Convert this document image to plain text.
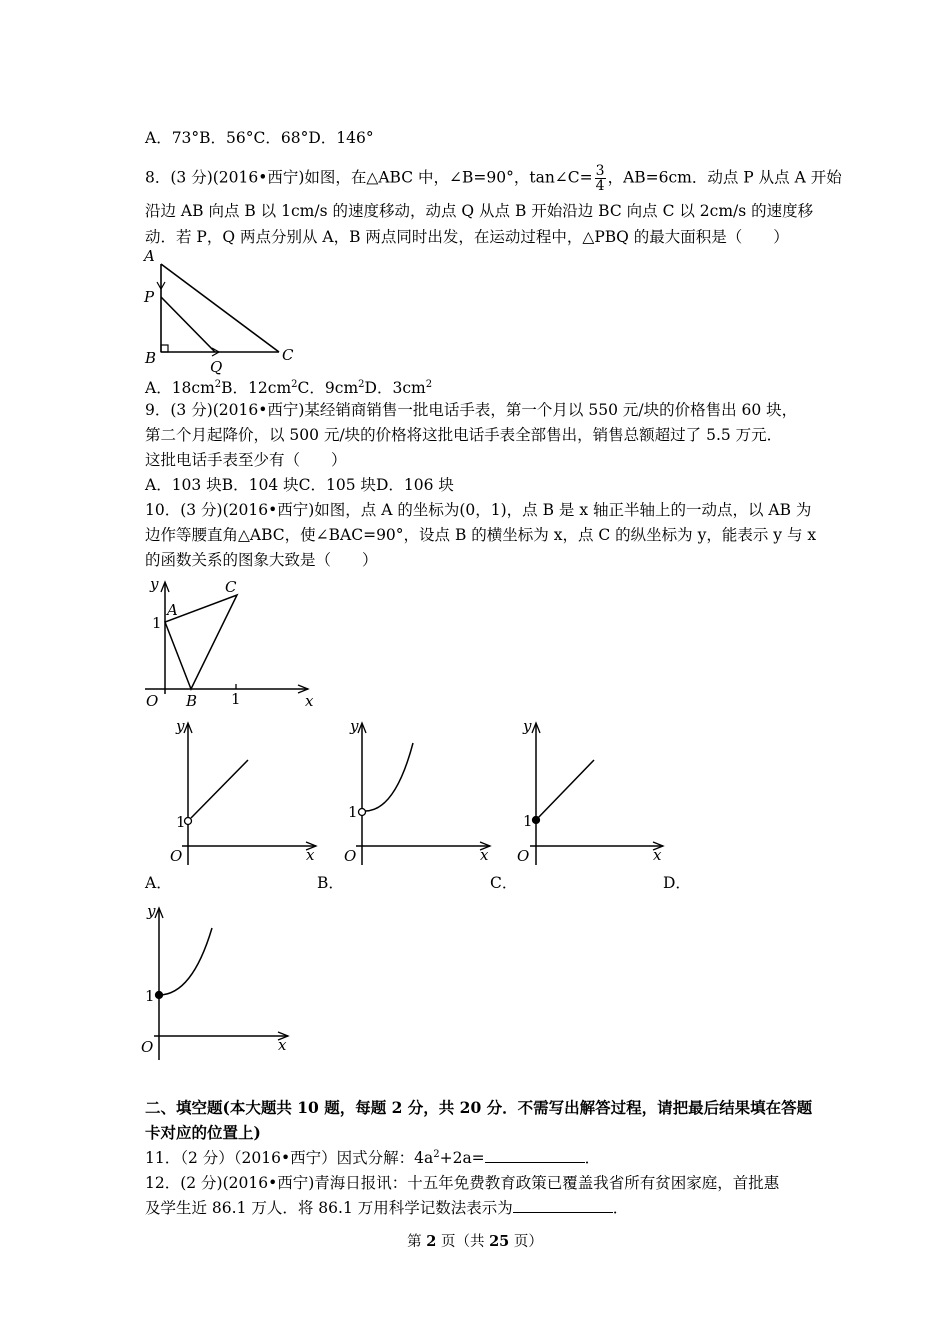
A．73°B．56°C．68°D．146°
8．(3 分)(2016•西宁)如图，在△ABC 中，∠B=90°，tan∠C= $\frac{3}{4}$ ，AB=6cm．动点 P 从点 A 开始
沿边 AB 向点 B 以 1cm/s 的速度移动，动点 Q 从点 B 开始沿边 BC 向点 C 以 2cm/s 的速度移
动．若 P，Q 两点分别从 A，B 两点同时出发，在运动过程中，△PBQ 的最大面积是（　　）
A
P
B	Q
C
A．$18cm^2B$．$12cm^2C$．$9cm^2D$．$3cm^2$
9．(3 分)(2016•西宁)某经销商销售一批电话手表，第一个月以 550 元/块的价格售出 60 块，
第二个月起降价，以 500 元/块的价格将这批电话手表全部售出，销售总额超过了 5.5 万元．
这批电话手表至少有（　　）
A．103 块B．104 块C．105 块D．106 块
10．(3 分)(2016•西宁)如图，点 A 的坐标为(0，1)，点 B 是 x 轴正半轴上的一动点，以 AB 为
边作等腰直角△ABC，使∠BAC=90°，设点 B 的横坐标为 x，点 C 的纵坐标为 y，能表示 y 与 x
的函数关系的图象大致是（　　）
y
x
O
A
B
C
1
1
y
x
O
1
y
x
O
1
y
x
O
1
A．	B．	C．	D．
y
x
O
1
二、填空题(本大题共 10 题，每题 2 分，共 20 分．不需写出解答过程，请把最后结果填在答题
卡对应的位置上)
11．（2 分）（2016•西宁）因式分解：$4a^2+2a=$	．
12．(2 分)(2016•西宁)青海日报讯：十五年免费教育政策已覆盖我省所有贫困家庭，首批惠
及学生近 86.1 万人．将 86.1 万用科学记数法表示为	．
第 2 页（共 25 页）
